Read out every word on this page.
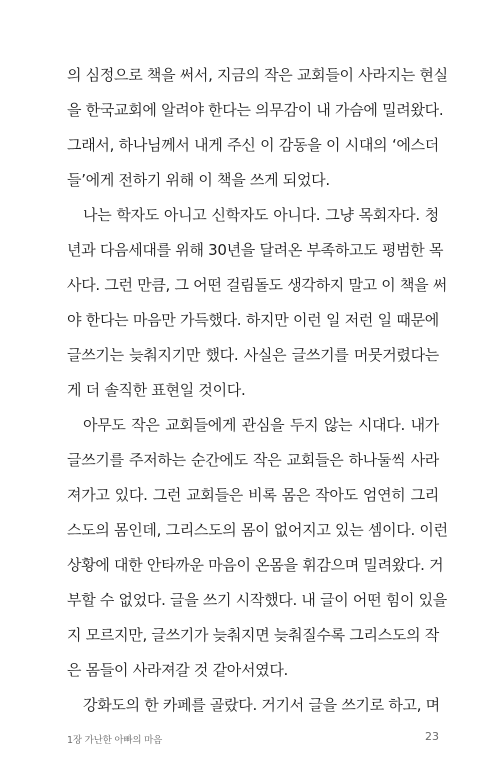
의 심정으로 책을 써서, 지금의 작은 교회들이 사라지는 현실
을 한국교회에 알려야 한다는 의무감이 내 가슴에 밀려왔다.
그래서, 하나님께서 내게 주신 이 감동을 이 시대의 ‘에스더
들’에게 전하기 위해 이 책을 쓰게 되었다.
나는 학자도 아니고 신학자도 아니다. 그냥 목회자다. 청
년과 다음세대를 위해 30년을 달려온 부족하고도 평범한 목
사다. 그런 만큼, 그 어떤 걸림돌도 생각하지 말고 이 책을 써
야 한다는 마음만 가득했다. 하지만 이런 일 저런 일 때문에
글쓰기는 늦춰지기만 했다. 사실은 글쓰기를 머뭇거렸다는
게 더 솔직한 표현일 것이다.
아무도 작은 교회들에게 관심을 두지 않는 시대다. 내가
글쓰기를 주저하는 순간에도 작은 교회들은 하나둘씩 사라
져가고 있다. 그런 교회들은 비록 몸은 작아도 엄연히 그리
스도의 몸인데, 그리스도의 몸이 없어지고 있는 셈이다. 이런
상황에 대한 안타까운 마음이 온몸을 휘감으며 밀려왔다. 거
부할 수 없었다. 글을 쓰기 시작했다. 내 글이 어떤 힘이 있을
지 모르지만, 글쓰기가 늦춰지면 늦춰질수록 그리스도의 작
은 몸들이 사라져갈 것 같아서였다.
강화도의 한 카페를 골랐다. 거기서 글을 쓰기로 하고, 며
1장 가난한 아빠의 마음	23
